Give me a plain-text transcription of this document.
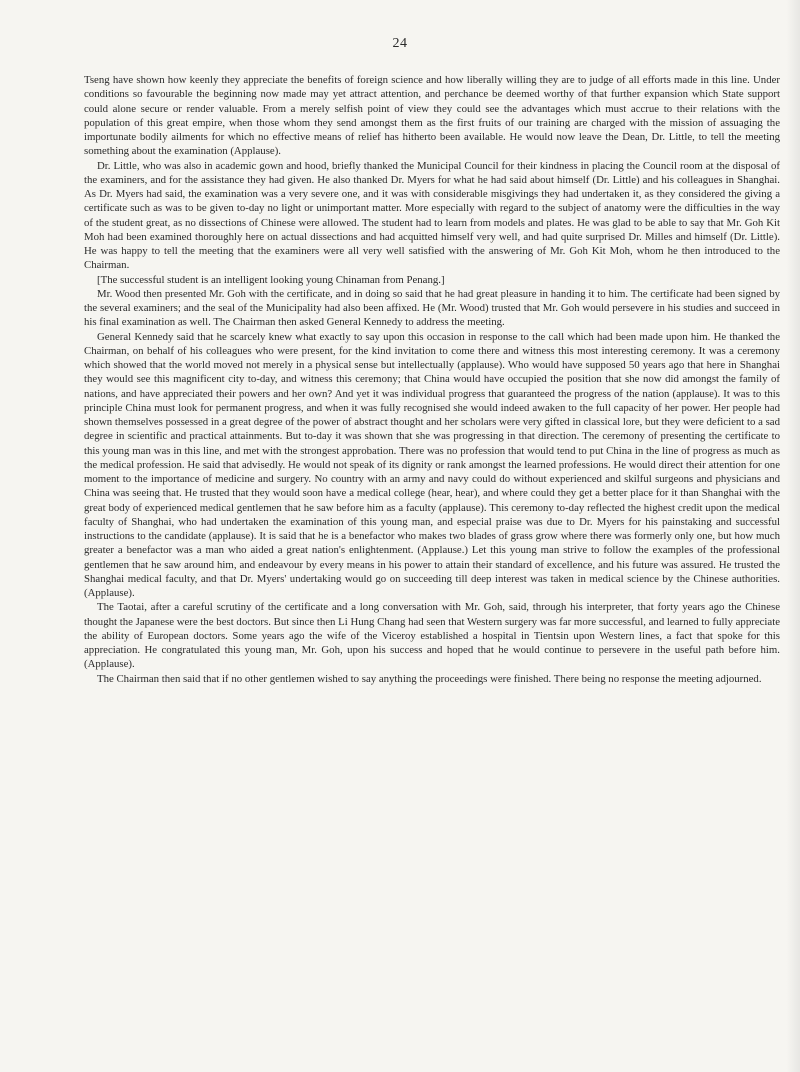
24

Tseng have shown how keenly they appreciate the benefits of foreign science and how liberally willing they are to judge of all efforts made in this line. Under conditions so favourable the beginning now made may yet attract attention, and perchance be deemed worthy of that further expansion which State support could alone secure or render valuable. From a merely selfish point of view they could see the advantages which must accrue to their relations with the population of this great empire, when those whom they send amongst them as the first fruits of our training are charged with the mission of assuaging the importunate bodily ailments for which no effective means of relief has hitherto been available. He would now leave the Dean, Dr. Little, to tell the meeting something about the examination (Applause).

Dr. Little, who was also in academic gown and hood, briefly thanked the Municipal Council for their kindness in placing the Council room at the disposal of the examiners, and for the assistance they had given. He also thanked Dr. Myers for what he had said about himself (Dr. Little) and his colleagues in Shanghai. As Dr. Myers had said, the examination was a very severe one, and it was with considerable misgivings they had undertaken it, as they considered the giving a certificate such as was to be given to-day no light or unimportant matter. More especially with regard to the subject of anatomy were the difficulties in the way of the student great, as no dissections of Chinese were allowed. The student had to learn from models and plates. He was glad to be able to say that Mr. Goh Kit Moh had been examined thoroughly here on actual dissections and had acquitted himself very well, and had quite surprised Dr. Milles and himself (Dr. Little). He was happy to tell the meeting that the examiners were all very well satisfied with the answering of Mr. Goh Kit Moh, whom he then introduced to the Chairman.

[The successful student is an intelligent looking young Chinaman from Penang.]

Mr. Wood then presented Mr. Goh with the certificate, and in doing so said that he had great pleasure in handing it to him. The certificate had been signed by the several examiners; and the seal of the Municipality had also been affixed. He (Mr. Wood) trusted that Mr. Goh would persevere in his studies and succeed in his final examination as well. The Chairman then asked General Kennedy to address the meeting.

General Kennedy said that he scarcely knew what exactly to say upon this occasion in response to the call which had been made upon him. He thanked the Chairman, on behalf of his colleagues who were present, for the kind invitation to come there and witness this most interesting ceremony. It was a ceremony which showed that the world moved not merely in a physical sense but intellectually (applause). Who would have supposed 50 years ago that here in Shanghai they would see this magnificent city to-day, and witness this ceremony; that China would have occupied the position that she now did amongst the family of nations, and have appreciated their powers and her own? And yet it was individual progress that guaranteed the progress of the nation (applause). It was to this principle China must look for permanent progress, and when it was fully recognised she would indeed awaken to the full capacity of her power. Her people had shown themselves possessed in a great degree of the power of abstract thought and her scholars were very gifted in classical lore, but they were deficient to a sad degree in scientific and practical attainments. But to-day it was shown that she was progressing in that direction. The ceremony of presenting the certificate to this young man was in this line, and met with the strongest approbation. There was no profession that would tend to put China in the line of progress as much as the medical profession. He said that advisedly. He would not speak of its dignity or rank amongst the learned professions. He would direct their attention for one moment to the importance of medicine and surgery. No country with an army and navy could do without experienced and skilful surgeons and physicians and China was seeing that. He trusted that they would soon have a medical college (hear, hear), and where could they get a better place for it than Shanghai with the great body of experienced medical gentlemen that he saw before him as a faculty (applause). This ceremony to-day reflected the highest credit upon the medical faculty of Shanghai, who had undertaken the examination of this young man, and especial praise was due to Dr. Myers for his painstaking and successful instructions to the candidate (applause). It is said that he is a benefactor who makes two blades of grass grow where there was formerly only one, but how much greater a benefactor was a man who aided a great nation's enlightenment. (Applause.) Let this young man strive to follow the examples of the professional gentlemen that he saw around him, and endeavour by every means in his power to attain their standard of excellence, and his future was assured. He trusted the Shanghai medical faculty, and that Dr. Myers' undertaking would go on succeeding till deep interest was taken in medical science by the Chinese authorities. (Applause).

The Taotai, after a careful scrutiny of the certificate and a long conversation with Mr. Goh, said, through his interpreter, that forty years ago the Chinese thought the Japanese were the best doctors. But since then Li Hung Chang had seen that Western surgery was far more successful, and learned to fully appreciate the ability of European doctors. Some years ago the wife of the Viceroy established a hospital in Tientsin upon Western lines, a fact that spoke for this appreciation. He congratulated this young man, Mr. Goh, upon his success and hoped that he would continue to persevere in the useful path before him. (Applause).

The Chairman then said that if no other gentlemen wished to say anything the proceedings were finished. There being no response the meeting adjourned.
